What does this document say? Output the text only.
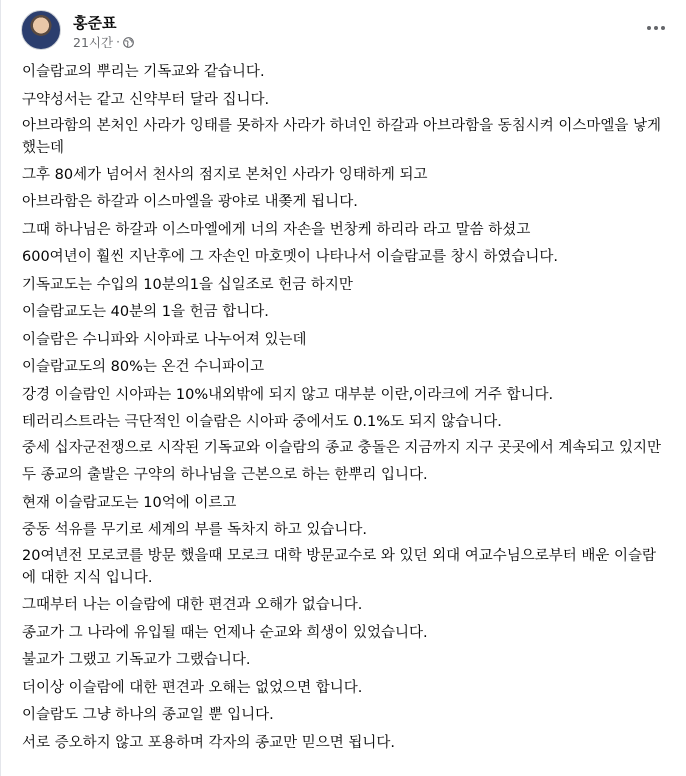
홍준표
21시간 ·

이슬람교의 뿌리는 기독교와 같습니다.

구약성서는 같고 신약부터 달라 집니다.

아브라함의 본처인 사라가 잉태를 못하자 사라가 하녀인 하갈과 아브라함을 동침시켜 이스마엘을 낳게 했는데

그후 80세가 넘어서 천사의 점지로 본처인 사라가 잉태하게 되고

아브라함은 하갈과 이스마엘을 광야로 내쫒게 됩니다.

그때 하나님은 하갈과 이스마엘에게 너의 자손을 번창케 하리라 라고 말씀 하셨고

600여년이 훨씬 지난후에 그 자손인 마호멧이 나타나서 이슬람교를 창시 하였습니다.

기독교도는 수입의 10분의1을 십일조로 헌금 하지만

이슬람교도는 40분의 1을 헌금 합니다.

이슬람은 수니파와 시아파로 나누어져 있는데

이슬람교도의 80%는 온건 수니파이고

강경 이슬람인 시아파는 10%내외밖에 되지 않고 대부분 이란,이라크에 거주 합니다.

테러리스트라는 극단적인 이슬람은 시아파 중에서도 0.1%도 되지 않습니다.

중세 십자군전쟁으로 시작된 기독교와 이슬람의 종교 충돌은 지금까지 지구 곳곳에서 계속되고 있지만

두 종교의 출발은 구약의 하나님을 근본으로 하는 한뿌리 입니다.

현재 이슬람교도는 10억에 이르고

중동 석유를 무기로 세계의 부를 독차지 하고 있습니다.

20여년전 모로코를 방문 했을때 모로크 대학 방문교수로 와 있던 외대 여교수님으로부터 배운 이슬람에 대한 지식 입니다.

그때부터 나는 이슬람에 대한 편견과 오해가 없습니다.

종교가 그 나라에 유입될 때는 언제나 순교와 희생이 있었습니다.

불교가 그랬고 기독교가 그랬습니다.

더이상 이슬람에 대한 편견과 오해는 없었으면 합니다.

이슬람도 그냥 하나의 종교일 뿐 입니다.

서로 증오하지 않고 포용하며 각자의 종교만 믿으면 됩니다.
